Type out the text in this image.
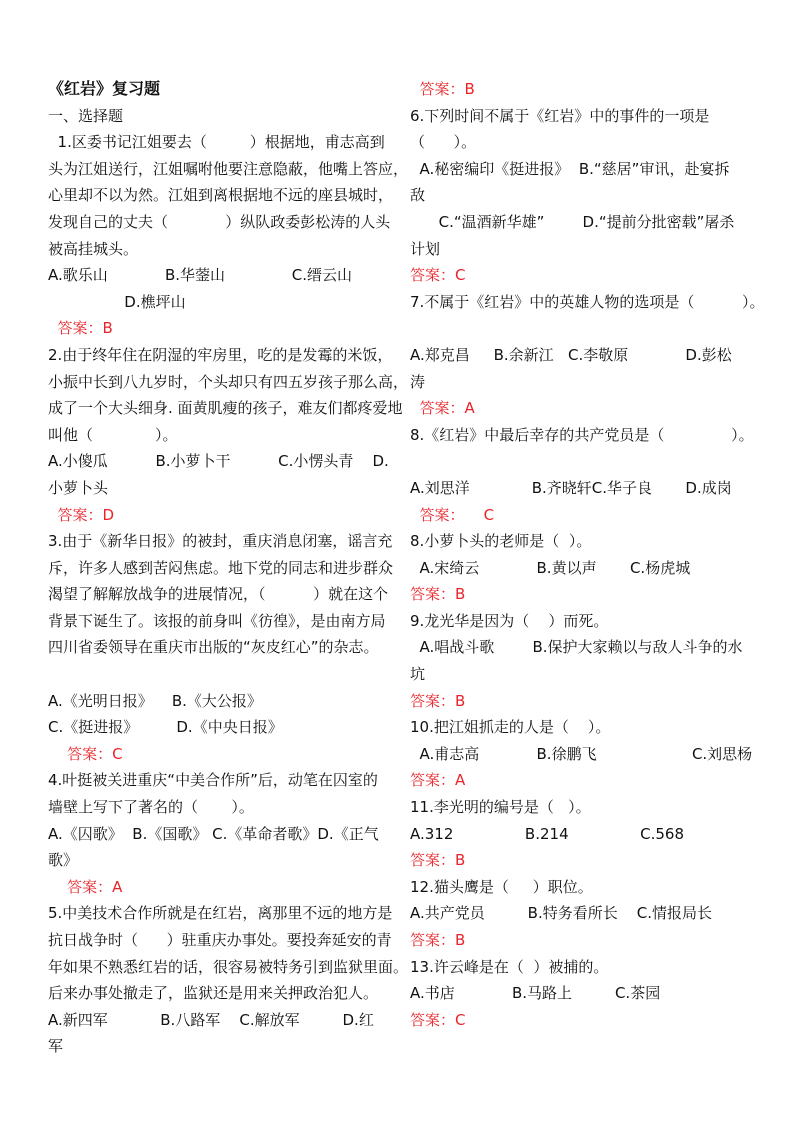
《红岩》复习题
一、选择题
1.区委书记江姐要去（         ）根据地，甫志高到
头为江姐送行，江姐嘱咐他要注意隐蔽，他嘴上答应，
心里却不以为然。江姐到离根据地不远的座县城时，
发现自己的丈夫（            ）纵队政委彭松涛的人头
被高挂城头。
A.歌乐山            B.华蓥山              C.缙云山
D.樵坪山
答案：B
2.由于终年住在阴湿的牢房里，吃的是发霉的米饭，
小振中长到八九岁时，个头却只有四五岁孩子那么高，
成了一个大头细身. 面黄肌瘦的孩子，难友们都疼爱地
叫他（             ）。
A.小傻瓜          B.小萝卜干          C.小愣头青    D.
小萝卜头
答案：D
3.由于《新华日报》的被封，重庆消息闭塞，谣言充
斥，许多人感到苦闷焦虑。地下党的同志和进步群众
渴望了解解放战争的进展情况，（          ）就在这个
背景下诞生了。该报的前身叫《彷徨》，是由南方局
四川省委领导在重庆市出版的“灰皮红心”的杂志。
A.《光明日报》    B.《大公报》
C.《挺进报》        D.《中央日报》
答案：C
4.叶挺被关进重庆“中美合作所”后，动笔在囚室的
墙壁上写下了著名的（       ）。
A.《囚歌》  B.《国歌》 C.《革命者歌》D.《正气
歌》
答案：A
5.中美技术合作所就是在红岩，离那里不远的地方是
抗日战争时（      ）驻重庆办事处。要投奔延安的青
年如果不熟悉红岩的话，很容易被特务引到监狱里面。
后来办事处撤走了，监狱还是用来关押政治犯人。
A.新四军           B.八路军    C.解放军         D.红
军
答案：B
6.下列时间不属于《红岩》中的事件的一项是
（      ）。
A.秘密编印《挺进报》  B.“慈居”审讯，赴宴拆
敌
C.“温酒新华雄”        D.“提前分批密载”屠杀
计划
答案：C
7.不属于《红岩》中的英雄人物的选项是（          ）。
A.郑克昌     B.余新江   C.李敬原            D.彭松
涛
答案：A
8.《红岩》中最后幸存的共产党员是（              ）。
A.刘思洋             B.齐晓轩C.华子良       D.成岗
答案：    C
8.小萝卜头的老师是（  ）。
A.宋绮云            B.黄以声       C.杨虎城
答案：B
9.龙光华是因为（    ）而死。
A.唱战斗歌        B.保护大家赖以与敌人斗争的水
坑
答案：B
10.把江姐抓走的人是（    ）。
A.甫志高            B.徐鹏飞                    C.刘思杨
答案：A
11.李光明的编号是（   ）。
A.312               B.214               C.568
答案：B
12.猫头鹰是（     ）职位。
A.共产党员         B.特务看所长    C.情报局长
答案：B
13.许云峰是在（  ）被捕的。
A.书店            B.马路上         C.茶园
答案：C
